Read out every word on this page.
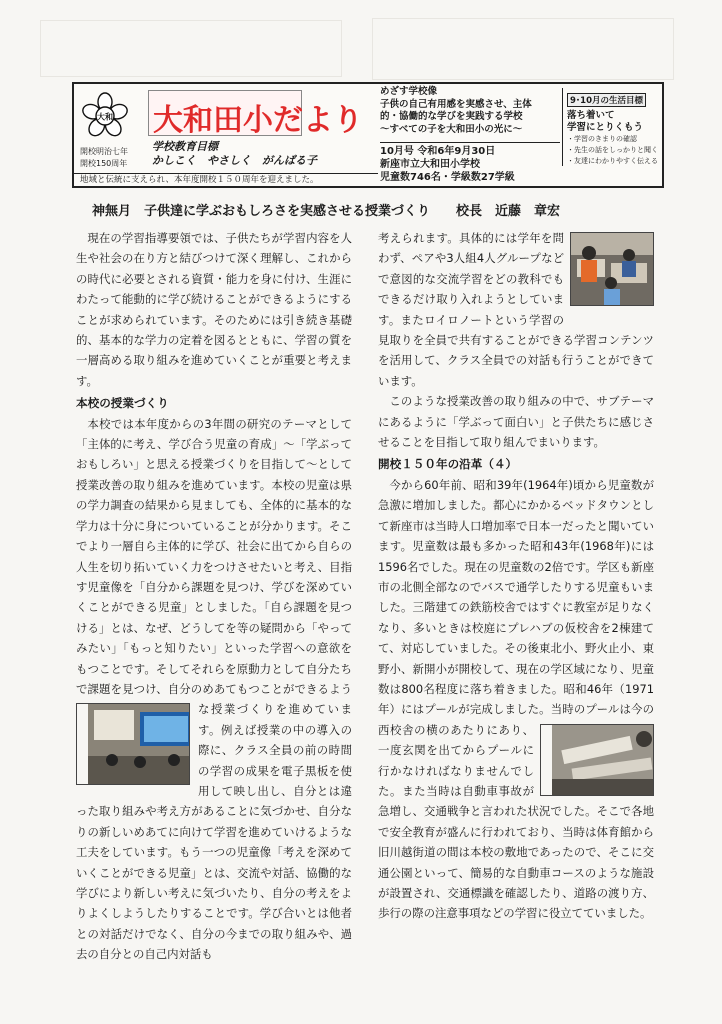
大和
開校明治七年
開校150周年
大和田小だより
学校教育目標
かしこく　やさしく　がんばる子
めざす学校像
子供の自己有用感を実感させ、主体
的・協働的な学びを実践する学校
～すべての子を大和田小の光に～
10月号 令和6年9月30日
新座市立大和田小学校
児童数746名・学級数27学級
9･10月の生活目標
落ち着いて
学習にとりくもう
・学習のきまりの確認
・先生の話をしっかりと聞く
・友達にわかりやすく伝える
地域と伝統に支えられ、本年度開校１５０周年を迎えました。
神無月　子供達に学ぶおもしろさを実感させる授業づくり　　校長　近藤　章宏

現在の学習指導要領では、子供たちが学習内容を人生や社会の在り方と結びつけて深く理解し、これからの時代に必要とされる資質・能力を身に付け、生涯にわたって能動的に学び続けることができるようにすることが求められています。そのためには引き続き基礎的、基本的な学力の定着を図るとともに、学習の質を一層高める取り組みを進めていくことが重要と考えます。

本校の授業づくり

本校では本年度からの3年間の研究のテーマとして「主体的に考え、学び合う児童の育成」～「学ぶっておもしろい」と思える授業づくりを目指して～として授業改善の取り組みを進めています。本校の児童は県の学力調査の結果から見ましても、全体的に基本的な学力は十分に身についていることが分かります。そこでより一層自ら主体的に学び、社会に出てから自らの人生を切り拓いていく力をつけさせたいと考え、目指す児童像を「自分から課題を見つけ、学びを深めていくことができる児童」としました。「自ら課題を見つける」とは、なぜ、どうしてを等の疑問から「やってみたい」「もっと知りたい」といった学習への意欲をもつことです。そしてそれらを原動力として自分たちで課題を見つけ、自分のめあてもつことができるような授業づくりを進めていま
す。例えば授業の中の導入の際に、クラス全員の前の時間の学習の成果を電子黒板を使用して映し出し、自分とは違った取り組みや考え方があることに気づかせ、自分なりの新しいめあてに向けて学習を進めていけるような工夫をしています。もう一つの児童像「考えを深めていくことができる児童」とは、交流や対話、協働的な学びにより新しい考えに気づいたり、自分の考えをよりよくしようしたりすることです。学び合いとは他者との対話だけでなく、自分の今までの取り組みや、過去の自分との自己内対話も

考えられます。具体的には学年を問わず、ペアや3人組4人グループなどで意図的な交流学習をどの教科でもできるだけ取り入れようとしています。またロイロノートという学習の見取りを全員で共有することができる学習コンテンツを活用して、クラス全員での対話も行うことができています。

このような授業改善の取り組みの中で、サブテーマにあるように「学ぶって面白い」と子供たちに感じさせることを目指して取り組んでまいります。

開校１５０年の沿革（４）

今から60年前、昭和39年(1964年)頃から児童数が急激に増加しました。都心にかかるベッドタウンとして新座市は当時人口増加率で日本一だったと聞いています。児童数は最も多かった昭和43年(1968年)には1596名でした。現在の児童数の2倍です。学区も新座市の北側全部なのでバスで通学したりする児童もいました。三階建ての鉄筋校舎ではすぐに教室が足りなくなり、多いときは校庭にプレハブの仮校舎を2棟建てて、対応していました。その後東北小、野火止小、東野小、新開小が開校して、現在の学区域になり、児童数は800名程度に落ち着きました。昭和46年（1971年）にはプールが完成しました。当時のプールは
今の西校舎の横のあたりにあり、一度玄関を出てからプールに行かなければなりませんでした。また当時は自動車事故が急増し、交通戦争と言われた状況でした。そこで各地で安全教育が盛んに行われており、当時は体育館から旧川越街道の間は本校の敷地であったので、そこに交通公園といって、簡易的な自動車コースのような施設が設置され、交通標識を確認したり、道路の渡り方、歩行の際の注意事項などの学習に役立てていました。
